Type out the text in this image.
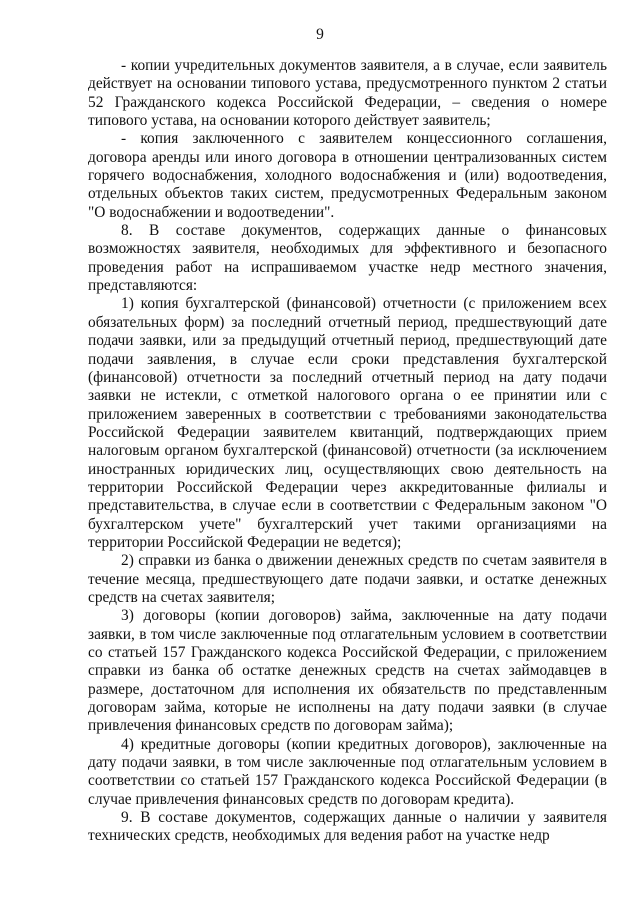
9

- копии учредительных документов заявителя, а в случае, если заявитель действует на основании типового устава, предусмотренного пунктом 2 статьи 52 Гражданского кодекса Российской Федерации, – сведения о номере типового устава, на основании которого действует заявитель;

- копия заключенного с заявителем концессионного соглашения, договора аренды или иного договора в отношении централизованных систем горячего водоснабжения, холодного водоснабжения и (или) водоотведения, отдельных объектов таких систем, предусмотренных Федеральным законом "О водоснабжении и водоотведении".

8. В составе документов, содержащих данные о финансовых возможностях заявителя, необходимых для эффективного и безопасного проведения работ на испрашиваемом участке недр местного значения, представляются:

1) копия бухгалтерской (финансовой) отчетности (с приложением всех обязательных форм) за последний отчетный период, предшествующий дате подачи заявки, или за предыдущий отчетный период, предшествующий дате подачи заявления, в случае если сроки представления бухгалтерской (финансовой) отчетности за последний отчетный период на дату подачи заявки не истекли, с отметкой налогового органа о ее принятии или с приложением заверенных в соответствии с требованиями законодательства Российской Федерации заявителем квитанций, подтверждающих прием налоговым органом бухгалтерской (финансовой) отчетности (за исключением иностранных юридических лиц, осуществляющих свою деятельность на территории Российской Федерации через аккредитованные филиалы и представительства, в случае если в соответствии с Федеральным законом "О бухгалтерском учете" бухгалтерский учет такими организациями на территории Российской Федерации не ведется);

2) справки из банка о движении денежных средств по счетам заявителя в течение месяца, предшествующего дате подачи заявки, и остатке денежных средств на счетах заявителя;

3) договоры (копии договоров) займа, заключенные на дату подачи заявки, в том числе заключенные под отлагательным условием в соответствии со статьей 157 Гражданского кодекса Российской Федерации, с приложением справки из банка об остатке денежных средств на счетах займодавцев в размере, достаточном для исполнения их обязательств по представленным договорам займа, которые не исполнены на дату подачи заявки (в случае привлечения финансовых средств по договорам займа);

4) кредитные договоры (копии кредитных договоров), заключенные на дату подачи заявки, в том числе заключенные под отлагательным условием в соответствии со статьей 157 Гражданского кодекса Российской Федерации (в случае привлечения финансовых средств по договорам кредита).

9. В составе документов, содержащих данные о наличии у заявителя технических средств, необходимых для ведения работ на участке недр
